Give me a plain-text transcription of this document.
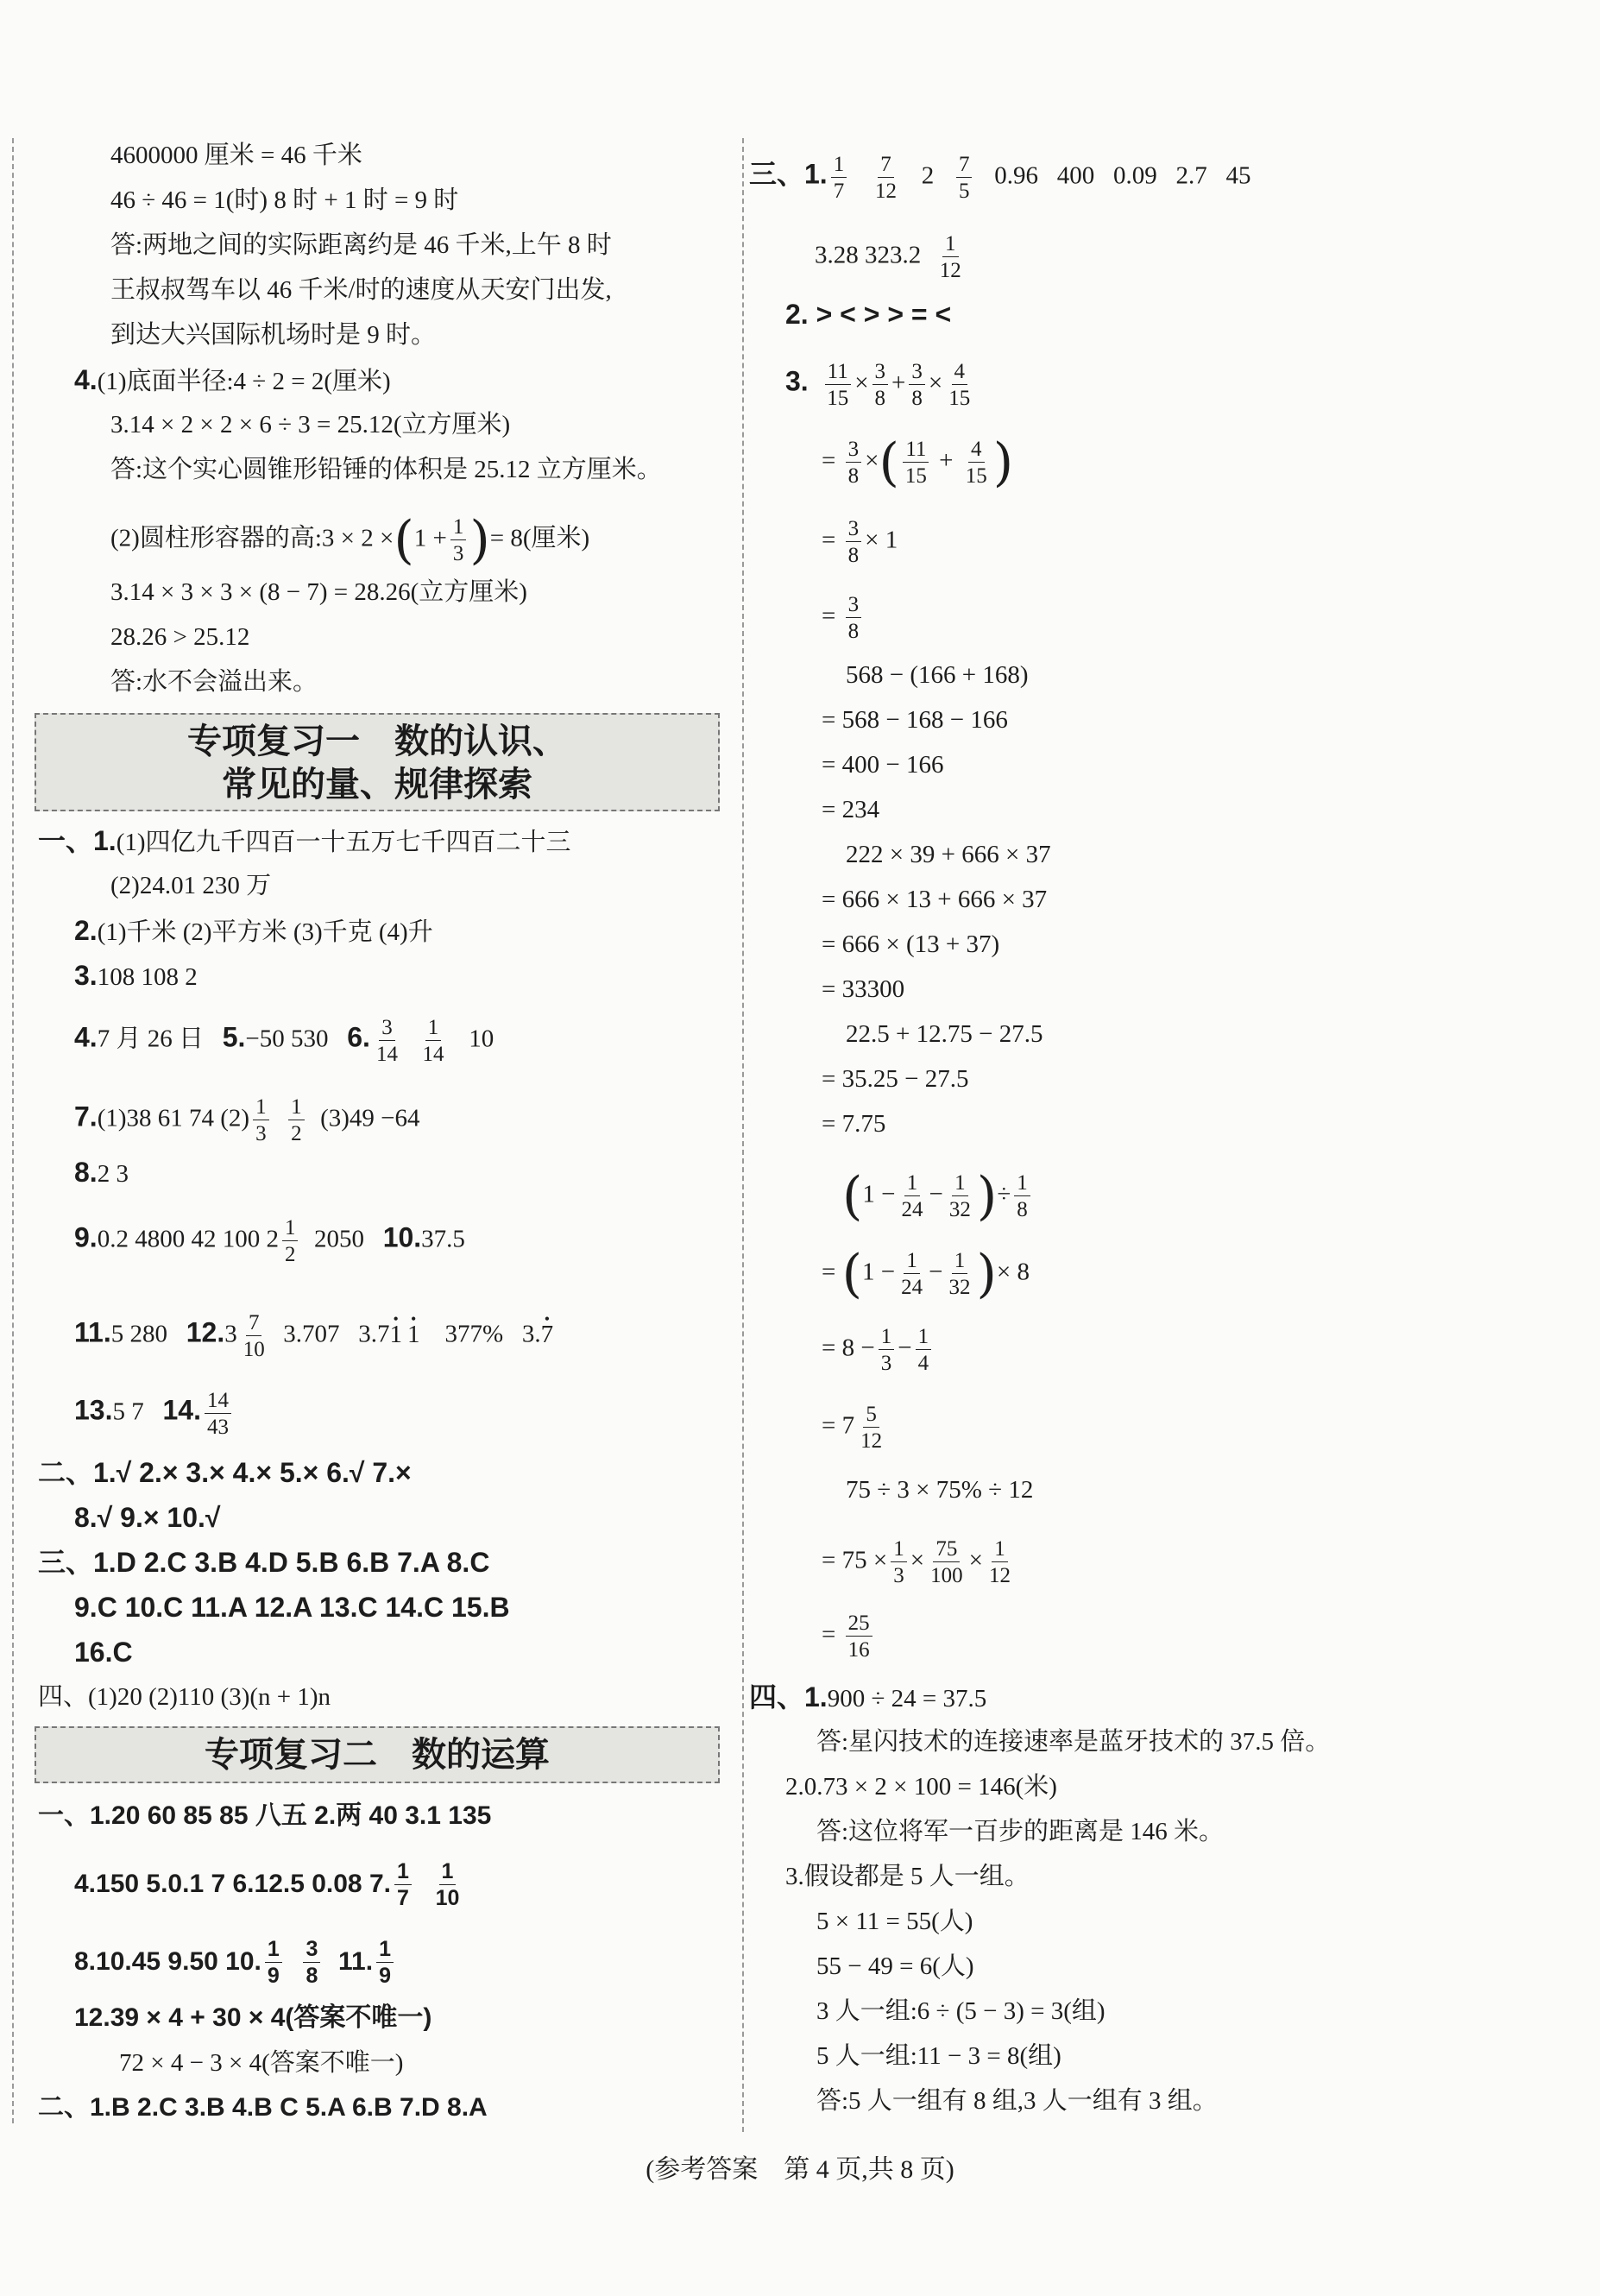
4600000 厘米 = 46 千米
46 ÷ 46 = 1(时) 8 时 + 1 时 = 9 时
答:两地之间的实际距离约是 46 千米,上午 8 时
王叔叔驾车以 46 千米/时的速度从天安门出发,
到达大兴国际机场时是 9 时。
4.(1)底面半径:4 ÷ 2 = 2(厘米)
3.14 × 2 × 2 × 6 ÷ 3 = 25.12(立方厘米)
答:这个实心圆锥形铅锤的体积是 25.12 立方厘米。
(2)圆柱形容器的高:3 × $2 \times(1 + \frac{1}{3}$ )= 8(厘米)
3.14 × 3 × 3 × (8 − 7) = 28.26(立方厘米)
28.26 > 25.12
答:水不会溢出来。
专项复习一　数的认识、
常见的量、规律探索
一、1.(1)四亿九千四百一十五万七千四百二十三
(2)24.01 230 万
2.(1)千米 (2)平方米 (3)千克 (4)升
3.108 108 2
4.7 月 26 日 5.−50 530 6. $\frac{3}{14}$
$\frac{1}{14} 10$
7.(1)38 61 74 $(2) \frac{1}{3}$
$\frac{1}{2} (3)49 -64$
8.2 3
9.0.2 4800 42 100 $2 \frac{1}{2} 2050$ 10.37.5
11.5 280 $12.3 \frac{7}{10} 3.707$ 3.7• 1• 1 377% 3.• 7
13.5 7 14. $\frac{14}{43}$
二、1.√ 2.× 3.× 4.× 5.× 6.√ 7.×
8.√ 9.× 10.√
三、1.D 2.C 3.B 4.D 5.B 6.B 7.A 8.C
9.C 10.C 11.A 12.A 13.C 14.C 15.B
16.C
四、(1)20 (2)110 (3)(n + 1)n
专项复习二　数的运算
一、1.20 60 85 85 八五 2.两 40 3.1 135
4.150 5.0.1 7 6.12.5 0.08 7. $\frac{1}{7}$
$\frac{1}{10}$
8.10.45 9.50 10. $\frac{1}{9}$
$\frac{3}{8} 11$. $\frac{1}{9}$
12.39 × 4 + 30 × 4(答案不唯一)
72 × 4 − 3 × 4(答案不唯一)
二、1.B 2.C 3.B 4.B C 5.A 6.B 7.D 8.A
三、1. $\frac{1}{7}$
$\frac{7}{12} 2 \frac{7}{5} 0.96$ 400 0.09 2.7 45
3.28 $323.2 \frac{1}{12}$
2. > < > > = <
3. $\frac{11}{15} \times \frac{3}{8} + \frac{3}{8} \times \frac{4}{15}$
= $\frac{3}{8}$ ×( $\frac{11}{15} + \frac{4}{15}$ )
= $\frac{3}{8} \times 1$
= $\frac{3}{8}$
568 − (166 + 168)
= 568 − 168 − 166
= 400 − 166
= 234
222 × 39 + 666 × 37
= 666 × 13 + 666 × 37
= 666 × (13 + 37)
= 33300
22.5 + 12.75 − 27.5
= 35.25 − 27.5
= 7.75
($1 - \frac{1}{24} - \frac{1}{32}$ )÷ $\frac{1}{8}$
= ($1 - \frac{1}{24} - \frac{1}{32}$ )× 8
= $8 - \frac{1}{3} - \frac{1}{4}$
= $7 \frac{5}{12}$
75 ÷ 3 × 75% ÷ 12
= $75 \times \frac{1}{3} \times \frac{75}{100} \times \frac{1}{12}$
= $\frac{25}{16}$
四、1.900 ÷ 24 = 37.5
答:星闪技术的连接速率是蓝牙技术的 37.5 倍。
2.0.73 × 2 × 100 = 146(米)
答:这位将军一百步的距离是 146 米。
3.假设都是 5 人一组。
5 × 11 = 55(人)
55 − 49 = 6(人)
3 人一组:6 ÷ (5 − 3) = 3(组)
5 人一组:11 − 3 = 8(组)
答:5 人一组有 8 组,3 人一组有 3 组。
(参考答案　第 4 页,共 8 页)
